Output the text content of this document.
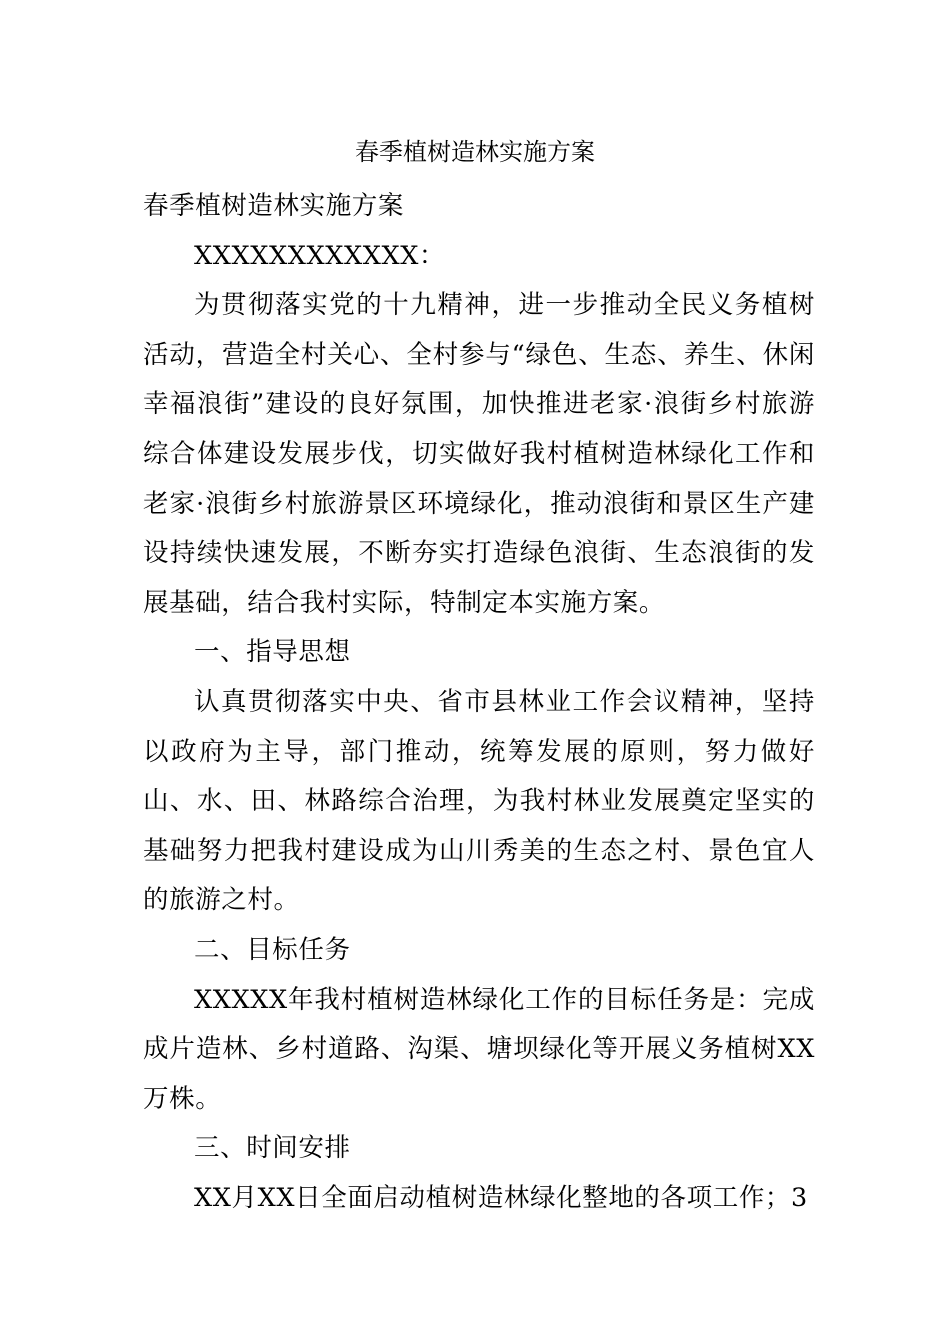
春季植树造林实施方案

春季植树造林实施方案

XXXXXXXXXXXX：

为贯彻落实党的十九精神，进一步推动全民义务植树活动，营造全村关心、全村参与“绿色、生态、养生、休闲幸福浪街”建设的良好氛围，加快推进老家·浪街乡村旅游综合体建设发展步伐，切实做好我村植树造林绿化工作和老家·浪街乡村旅游景区环境绿化，推动浪街和景区生产建设持续快速发展，不断夯实打造绿色浪街、生态浪街的发展基础，结合我村实际，特制定本实施方案。

一、指导思想

认真贯彻落实中央、省市县林业工作会议精神，坚持以政府为主导，部门推动，统筹发展的原则，努力做好山、水、田、林路综合治理，为我村林业发展奠定坚实的基础努力把我村建设成为山川秀美的生态之村、景色宜人的旅游之村。

二、目标任务

XXXXX年我村植树造林绿化工作的目标任务是：完成成片造林、乡村道路、沟渠、塘坝绿化等开展义务植树XX万株。

三、时间安排

XX月XX日全面启动植树造林绿化整地的各项工作；3
